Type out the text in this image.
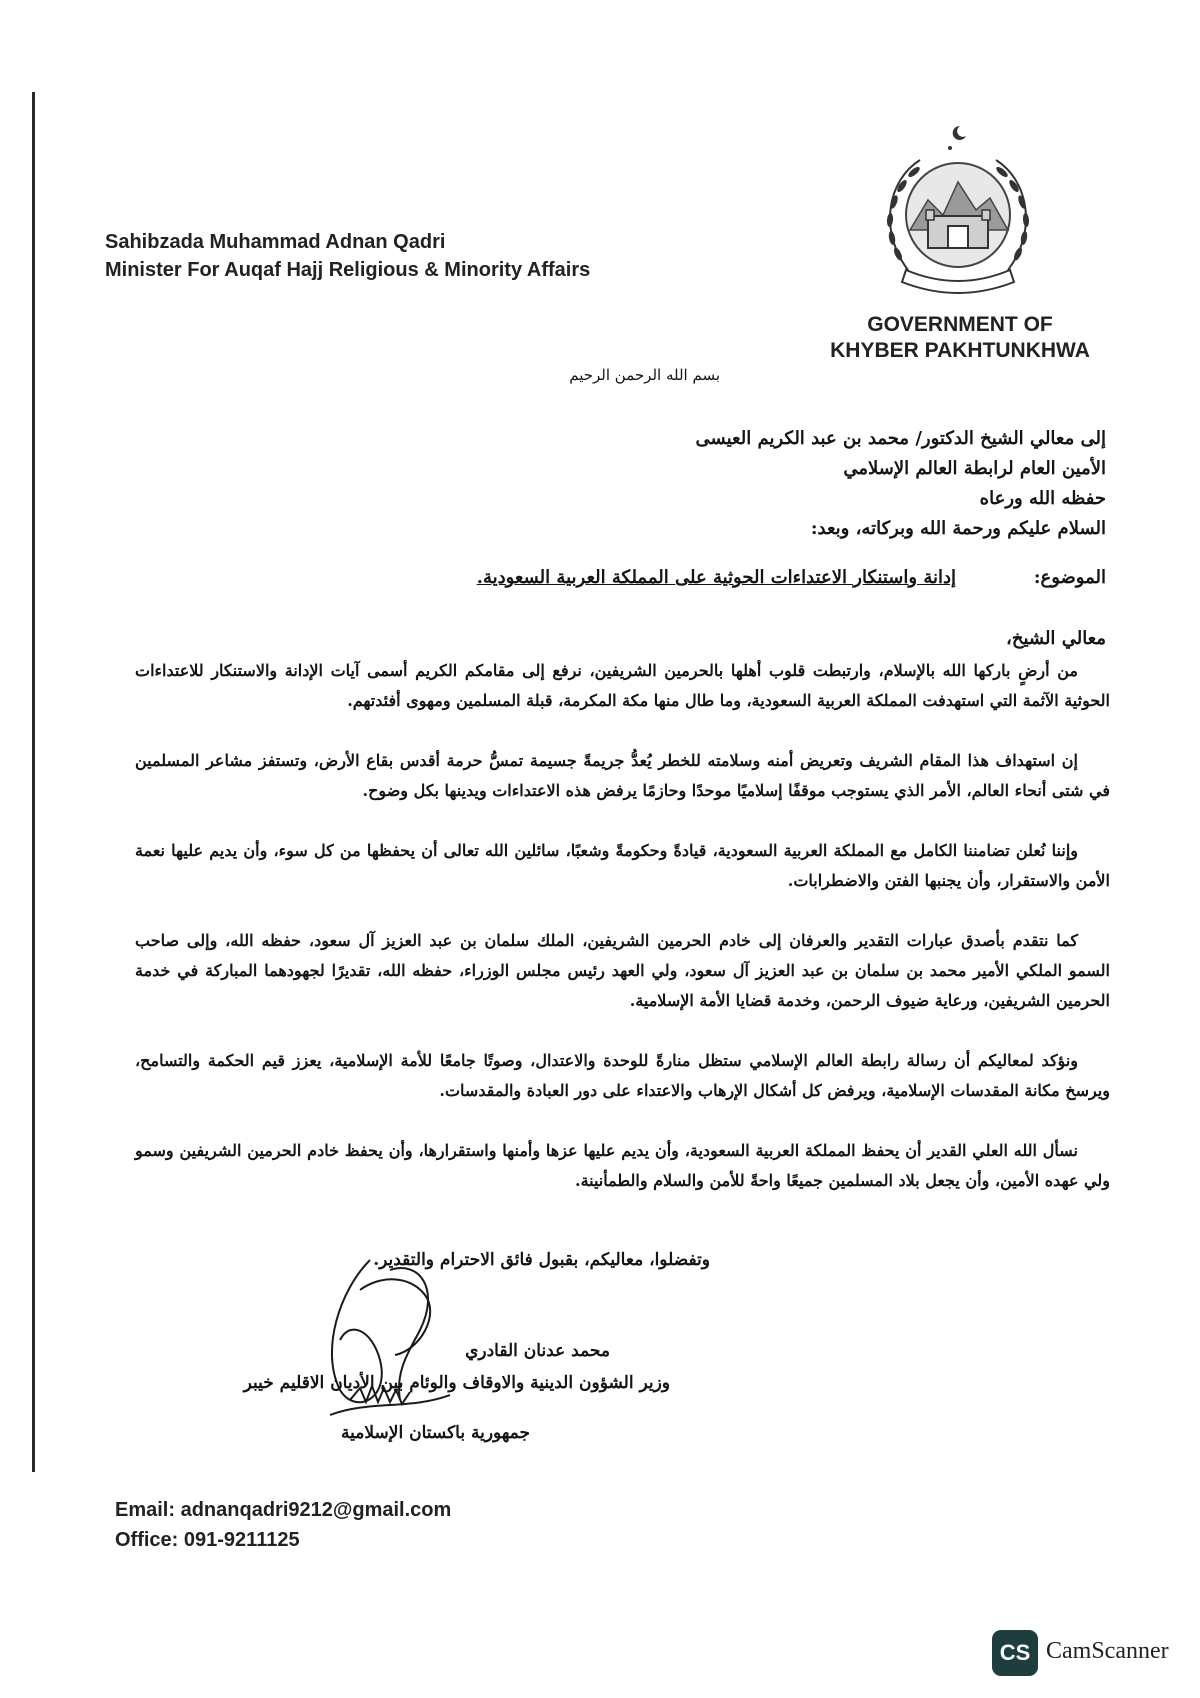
Sahibzada Muhammad Adnan Qadri
Minister For Auqaf Hajj Religious & Minority Affairs
GOVERNMENT OF
KHYBER PAKHTUNKHWA
بسم الله الرحمن الرحيم
إلى معالي الشيخ الدكتور/ محمد بن عبد الكريم العيسى
الأمين العام لرابطة العالم الإسلامي
حفظه الله ورعاه
السلام عليكم ورحمة الله وبركاته، وبعد:
الموضوع:إدانة واستنكار الاعتداءات الحوثية على المملكة العربية السعودية.
معالي الشيخ،

من أرضٍ باركها الله بالإسلام، وارتبطت قلوب أهلها بالحرمين الشريفين، نرفع إلى مقامكم الكريم أسمى آيات الإدانة والاستنكار للاعتداءات الحوثية الآثمة التي استهدفت المملكة العربية السعودية، وما طال منها مكة المكرمة، قبلة المسلمين ومهوى أفئدتهم.

إن استهداف هذا المقام الشريف وتعريض أمنه وسلامته للخطر يُعدُّ جريمةً جسيمة تمسُّ حرمة أقدس بقاع الأرض، وتستفز مشاعر المسلمين في شتى أنحاء العالم، الأمر الذي يستوجب موقفًا إسلاميًا موحدًا وحازمًا يرفض هذه الاعتداءات ويدينها بكل وضوح.

وإننا نُعلن تضامننا الكامل مع المملكة العربية السعودية، قيادةً وحكومةً وشعبًا، سائلين الله تعالى أن يحفظها من كل سوء، وأن يديم عليها نعمة الأمن والاستقرار، وأن يجنبها الفتن والاضطرابات.

كما نتقدم بأصدق عبارات التقدير والعرفان إلى خادم الحرمين الشريفين، الملك سلمان بن عبد العزيز آل سعود، حفظه الله، وإلى صاحب السمو الملكي الأمير محمد بن سلمان بن عبد العزيز آل سعود، ولي العهد رئيس مجلس الوزراء، حفظه الله، تقديرًا لجهودهما المباركة في خدمة الحرمين الشريفين، ورعاية ضيوف الرحمن، وخدمة قضايا الأمة الإسلامية.

ونؤكد لمعاليكم أن رسالة رابطة العالم الإسلامي ستظل منارةً للوحدة والاعتدال، وصوتًا جامعًا للأمة الإسلامية، يعزز قيم الحكمة والتسامح، ويرسخ مكانة المقدسات الإسلامية، ويرفض كل أشكال الإرهاب والاعتداء على دور العبادة والمقدسات.

نسأل الله العلي القدير أن يحفظ المملكة العربية السعودية، وأن يديم عليها عزها وأمنها واستقرارها، وأن يحفظ خادم الحرمين الشريفين وسمو ولي عهده الأمين، وأن يجعل بلاد المسلمين جميعًا واحةً للأمن والسلام والطمأنينة.

وتفضلوا، معاليكم، بقبول فائق الاحترام والتقدير.
محمد عدنان القادري
وزير الشؤون الدينية والاوقاف والوئام بين الأديان الاقليم خيبر
جمهورية باكستان الإسلامية
Email: adnanqadri9212@gmail.com
Office: 091-9211125
CS CamScanner
